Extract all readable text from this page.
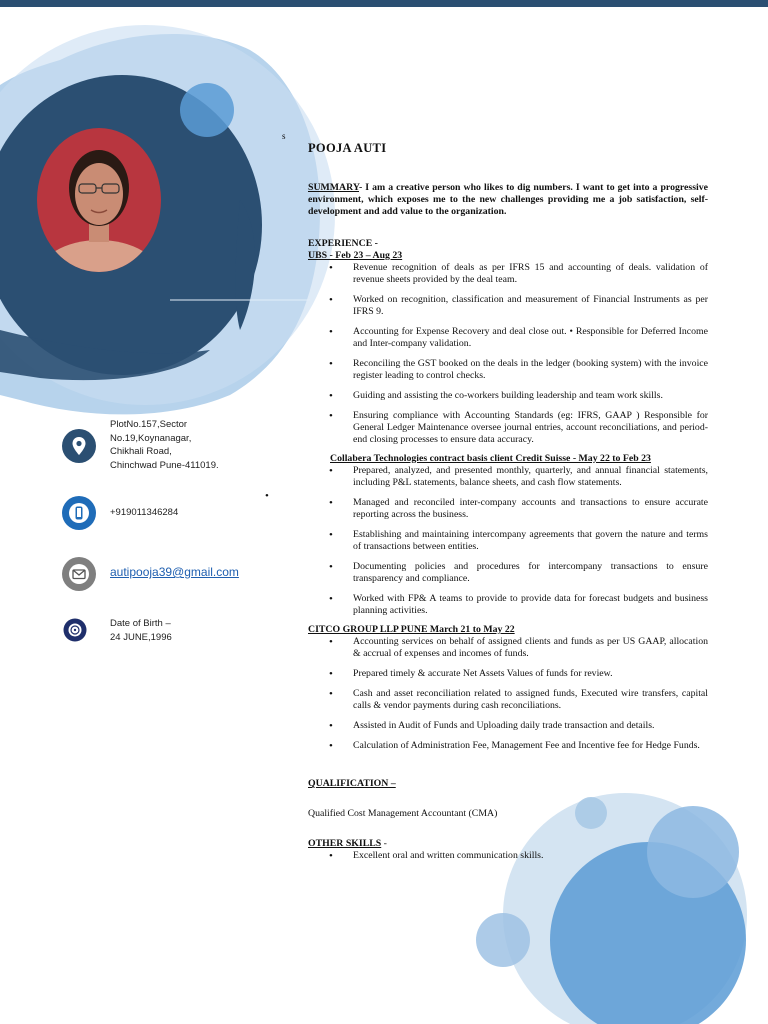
PlotNo.157,Sector
No.19,Koynanagar,
Chikhali Road,
Chinchwad Pune-411019.
+919011346284
autipooja39@gmail.com
Date of Birth –
24 JUNE,1996
•
s
POOJA AUTI
SUMMARY- I am a creative person who likes to dig numbers. I want to get into a progressive environment, which exposes me to the new challenges providing me a job satisfaction, self-development and add value to the organization.
EXPERIENCE -
UBS - Feb 23 – Aug 23
• Revenue recognition of deals as per IFRS 15 and accounting of deals. validation of revenue sheets provided by the deal team.
• Worked on recognition, classification and measurement of Financial Instruments as per IFRS 9.
• Accounting for Expense Recovery and deal close out. • Responsible for Deferred Income and Inter-company validation.
• Reconciling the GST booked on the deals in the ledger (booking system) with the invoice register leading to control checks.
• Guiding and assisting the co-workers building leadership and team work skills.
• Ensuring compliance with Accounting Standards (eg: IFRS, GAAP ) Responsible for General Ledger Maintenance oversee journal entries, account reconciliations, and period-end closing processes to ensure data accuracy.
Collabera Technologies contract basis client Credit Suisse - May 22 to Feb 23
• Prepared, analyzed, and presented monthly, quarterly, and annual financial statements, including P&L statements, balance sheets, and cash flow statements.
• Managed and reconciled inter-company accounts and transactions to ensure accurate reporting across the business.
• Establishing and maintaining intercompany agreements that govern the nature and terms of transactions between entities.
• Documenting policies and procedures for intercompany transactions to ensure transparency and compliance.
• Worked with FP& A teams to provide to provide data for forecast budgets and business planning activities.
CITCO GROUP LLP PUNE March 21 to May 22
• Accounting services on behalf of assigned clients and funds as per US GAAP, allocation & accrual of expenses and incomes of funds.
• Prepared timely & accurate Net Assets Values of funds for review.
• Cash and asset reconciliation related to assigned funds, Executed wire transfers, capital calls & vendor payments during cash reconciliations.
• Assisted in Audit of Funds and Uploading daily trade transaction and details.
• Calculation of Administration Fee, Management Fee and Incentive fee for Hedge Funds.
QUALIFICATION –
Qualified Cost Management Accountant (CMA)
OTHER SKILLS -
• Excellent oral and written communication skills.
